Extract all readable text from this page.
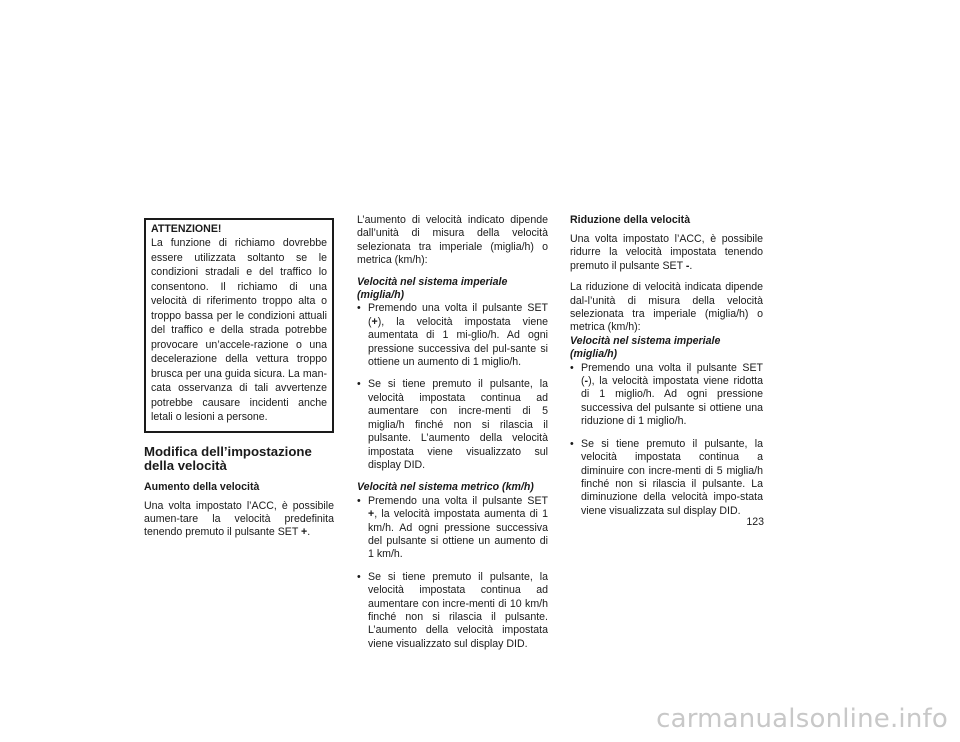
ATTENZIONE!

La funzione di richiamo dovrebbe essere utilizzata soltanto se le condizioni stradali e del traffico lo consentono. Il richiamo di una velocità di riferimento troppo alta o troppo bassa per le condizioni attuali del traffico e della strada potrebbe provocare un’accele-razione o una decelerazione della vettura troppo brusca per una guida sicura. La man-cata osservanza di tali avvertenze potrebbe causare incidenti anche letali o lesioni a persone.

Modifica dell’impostazione della velocità
Aumento della velocità

Una volta impostato l’ACC, è possibile aumen-tare la velocità predefinita tenendo premuto il pulsante SET +.

L’aumento di velocità indicato dipende dall’unità di misura della velocità selezionata tra imperiale (miglia/h) o metrica (km/h):

Velocità nel sistema imperiale (miglia/h)

• Premendo una volta il pulsante SET (+), la velocità impostata viene aumentata di 1 mi-glio/h. Ad ogni pressione successiva del pul-sante si ottiene un aumento di 1 miglio/h.
• Se si tiene premuto il pulsante, la velocità impostata continua ad aumentare con incre-menti di 5 miglia/h finché non si rilascia il pulsante. L’aumento della velocità impostata viene visualizzato sul display DID.

Velocità nel sistema metrico (km/h)

• Premendo una volta il pulsante SET +, la velocità impostata aumenta di 1 km/h. Ad ogni pressione successiva del pulsante si ottiene un aumento di 1 km/h.
• Se si tiene premuto il pulsante, la velocità impostata continua ad aumentare con incre-menti di 10 km/h finché non si rilascia il pulsante. L’aumento della velocità impostata viene visualizzato sul display DID.
Riduzione della velocità

Una volta impostato l’ACC, è possibile ridurre la velocità impostata tenendo premuto il pulsante SET -.

La riduzione di velocità indicata dipende dal-l’unità di misura della velocità selezionata tra imperiale (miglia/h) o metrica (km/h):

Velocità nel sistema imperiale (miglia/h)

• Premendo una volta il pulsante SET (-), la velocità impostata viene ridotta di 1 miglio/h. Ad ogni pressione successiva del pulsante si ottiene una riduzione di 1 miglio/h.
• Se si tiene premuto il pulsante, la velocità impostata continua a diminuire con incre-menti di 5 miglia/h finché non si rilascia il pulsante. La diminuzione della velocità impo-stata viene visualizzata sul display DID.
123
carmanualsonline.info
